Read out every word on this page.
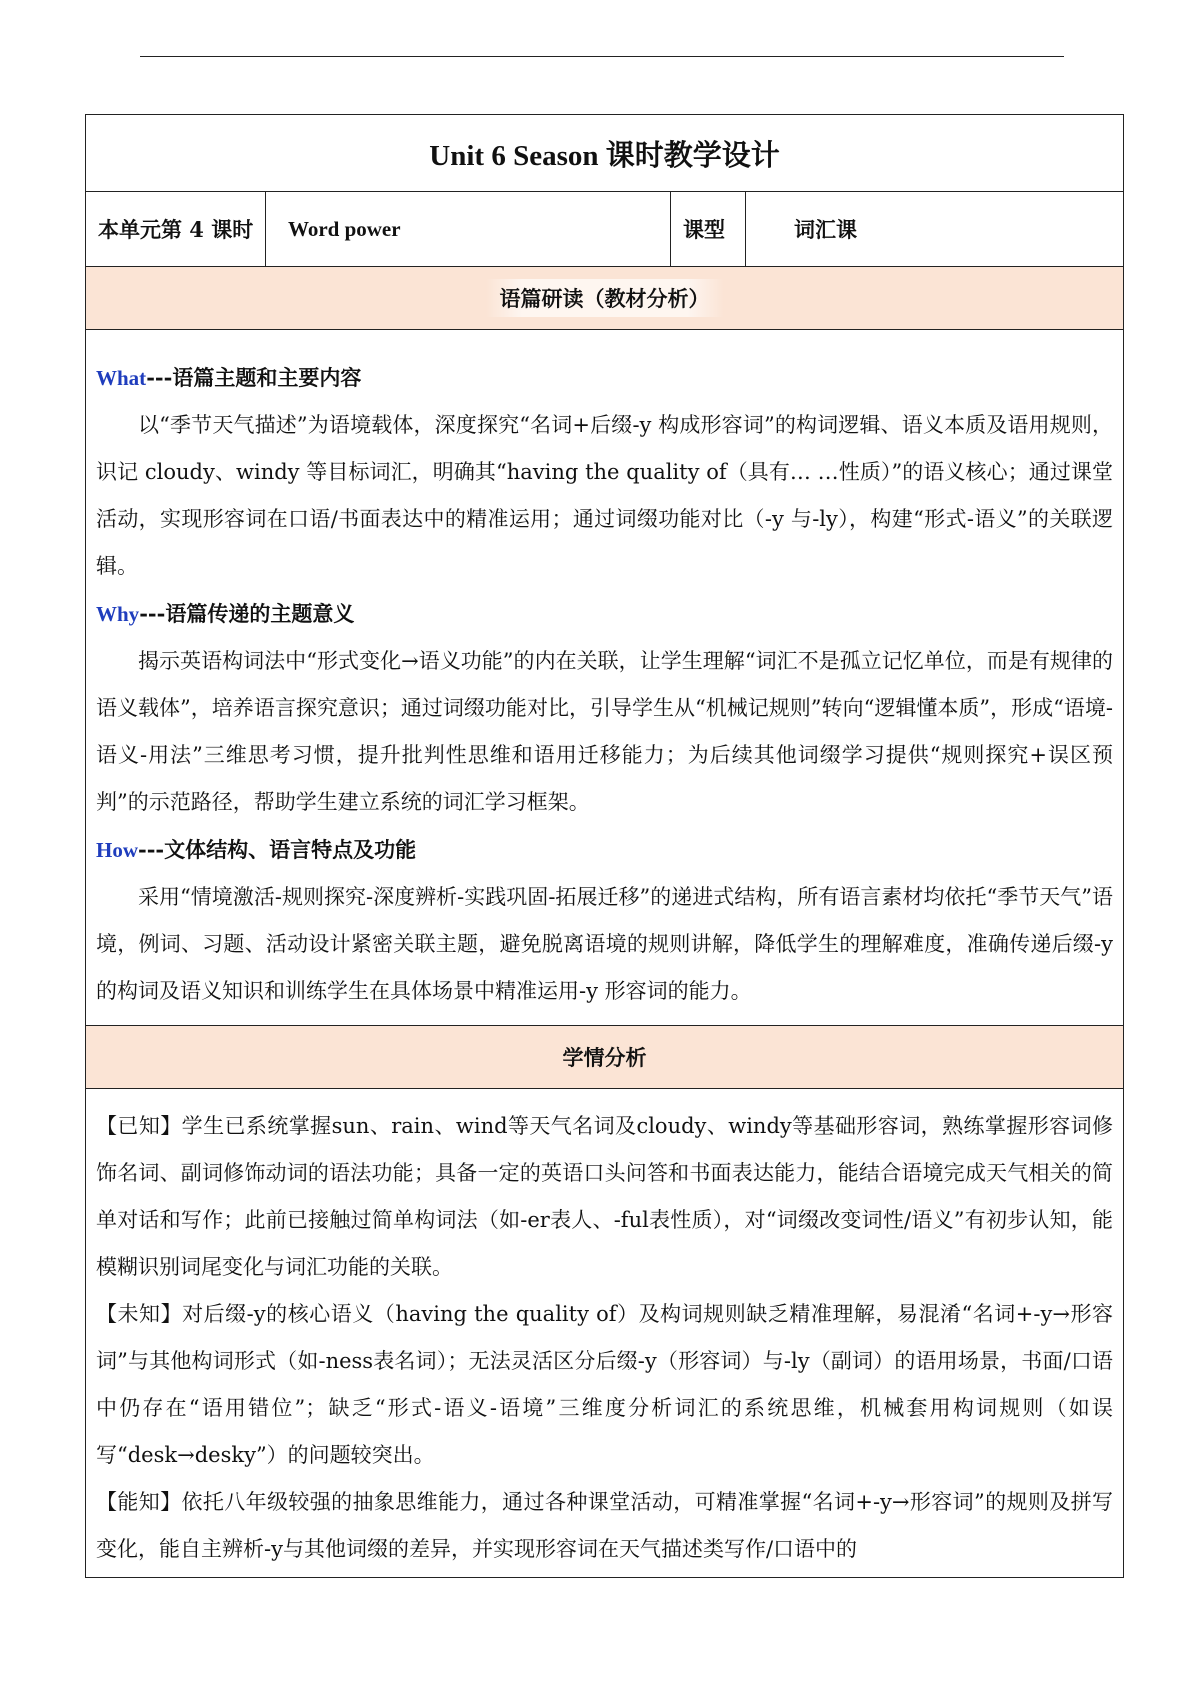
Unit 6 Season 课时教学设计
本单元第 4 课时	Word power	课型	词汇课
语篇研读（教材分析）

What---语篇主题和主要内容

以“季节天气描述”为语境载体，深度探究“名词+后缀-y 构成形容词”的构词逻辑、语义本质及语用规则，识记 cloudy、windy 等目标词汇，明确其“having the quality of（具有… …性质）”的语义核心；通过课堂活动，实现形容词在口语/书面表达中的精准运用；通过词缀功能对比（-y 与-ly），构建“形式-语义”的关联逻辑。

Why---语篇传递的主题意义

揭示英语构词法中“形式变化→语义功能”的内在关联，让学生理解“词汇不是孤立记忆单位，而是有规律的语义载体”，培养语言探究意识；通过词缀功能对比，引导学生从“机械记规则”转向“逻辑懂本质”，形成“语境-语义-用法”三维思考习惯，提升批判性思维和语用迁移能力；为后续其他词缀学习提供“规则探究+误区预判”的示范路径，帮助学生建立系统的词汇学习框架。

How---文体结构、语言特点及功能

采用“情境激活-规则探究-深度辨析-实践巩固-拓展迁移”的递进式结构，所有语言素材均依托“季节天气”语境，例词、习题、活动设计紧密关联主题，避免脱离语境的规则讲解，降低学生的理解难度，准确传递后缀-y 的构词及语义知识和训练学生在具体场景中精准运用-y 形容词的能力。

学情分析

【已知】学生已系统掌握sun、rain、wind等天气名词及cloudy、windy等基础形容词，熟练掌握形容词修饰名词、副词修饰动词的语法功能；具备一定的英语口头问答和书面表达能力，能结合语境完成天气相关的简单对话和写作；此前已接触过简单构词法（如-er表人、-ful表性质），对“词缀改变词性/语义”有初步认知，能模糊识别词尾变化与词汇功能的关联。

【未知】对后缀-y的核心语义（having the quality of）及构词规则缺乏精准理解，易混淆“名词+-y→形容词”与其他构词形式（如-ness表名词）；无法灵活区分后缀-y（形容词）与-ly（副词）的语用场景，书面/口语中仍存在“语用错位”；缺乏“形式-语义-语境”三维度分析词汇的系统思维，机械套用构词规则（如误写“desk→desky”）的问题较突出。

【能知】依托八年级较强的抽象思维能力，通过各种课堂活动，可精准掌握“名词+-y→形容词”的规则及拼写变化，能自主辨析-y与其他词缀的差异，并实现形容词在天气描述类写作/口语中的
